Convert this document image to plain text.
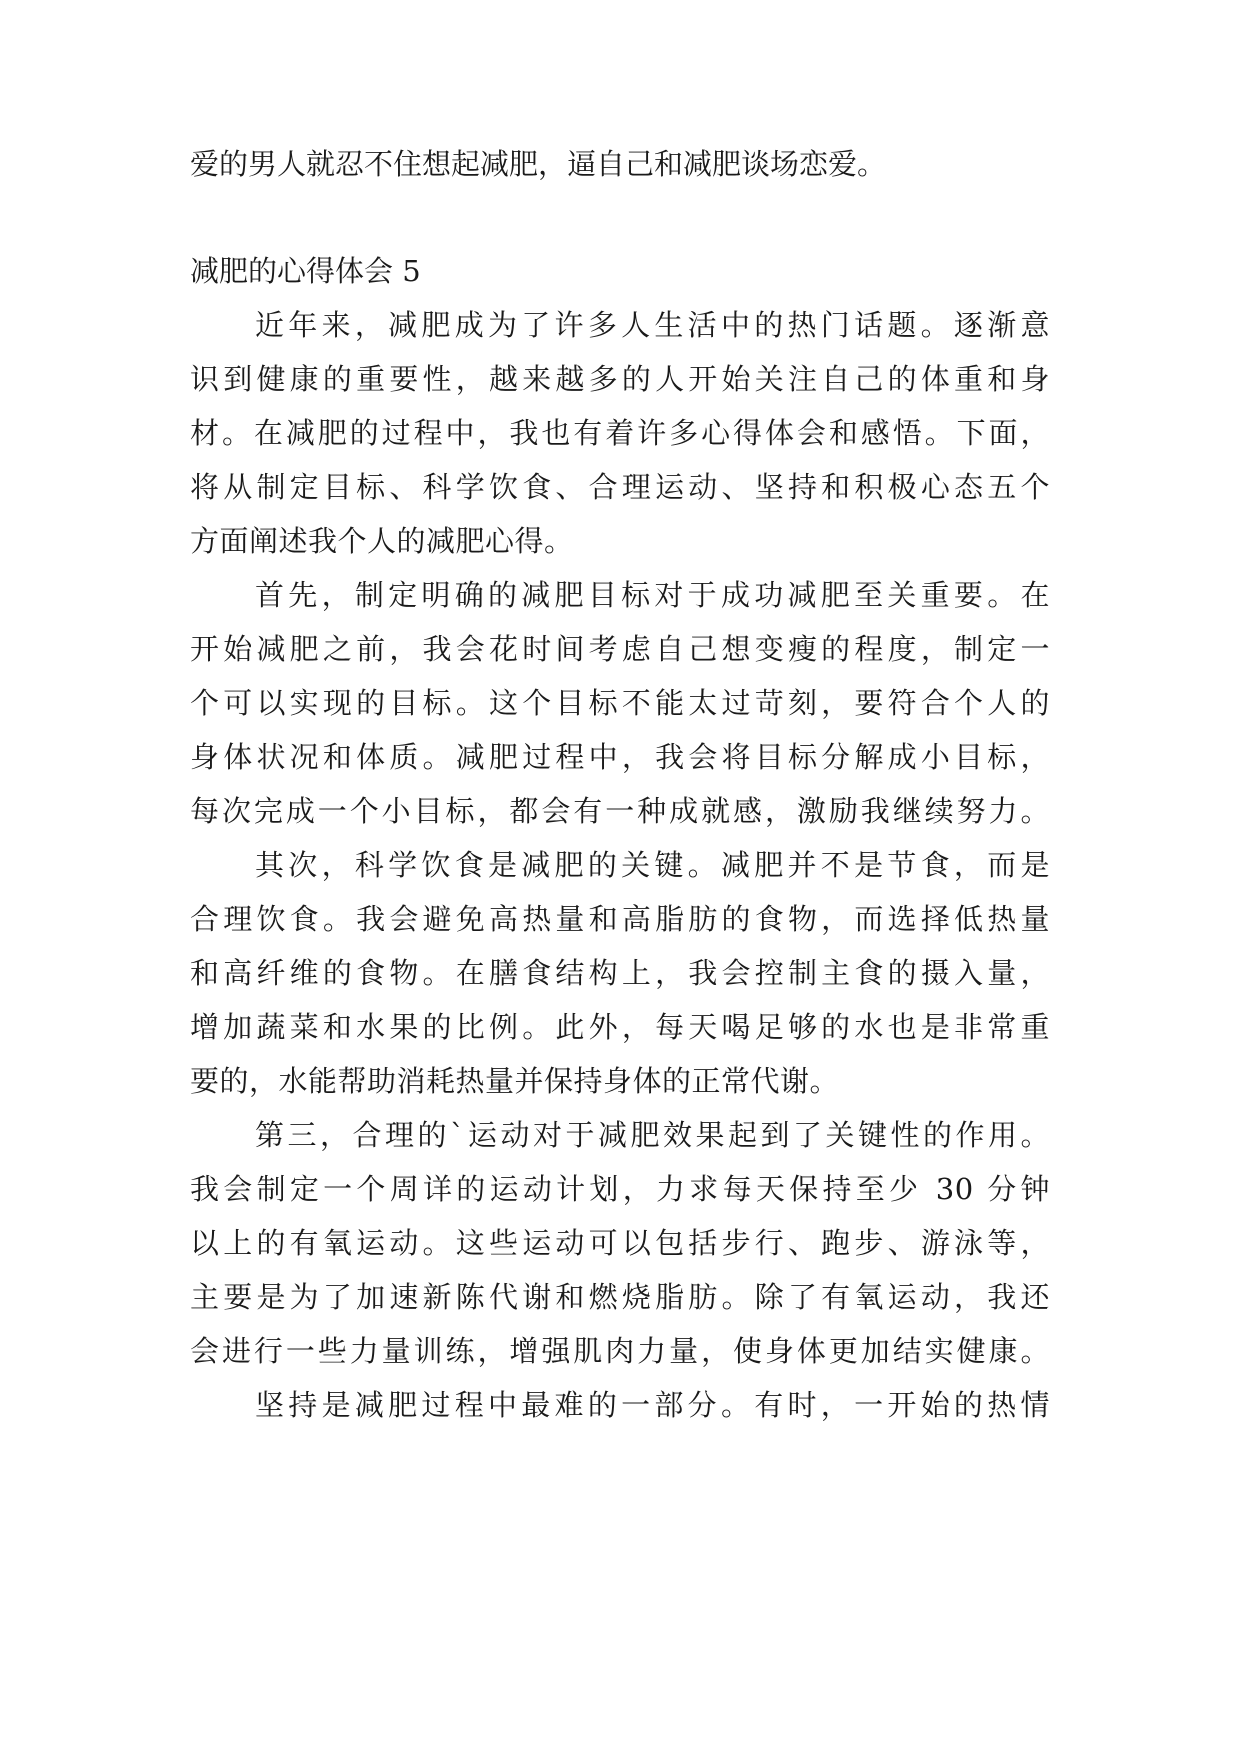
爱的男人就忍不住想起减肥，逼自己和减肥谈场恋爱。
减肥的心得体会 5
近年来，减肥成为了许多人生活中的热门话题。逐渐意
识到健康的重要性，越来越多的人开始关注自己的体重和身
材。在减肥的过程中，我也有着许多心得体会和感悟。下面，
将从制定目标、科学饮食、合理运动、坚持和积极心态五个
方面阐述我个人的减肥心得。
首先，制定明确的减肥目标对于成功减肥至关重要。在
开始减肥之前，我会花时间考虑自己想变瘦的程度，制定一
个可以实现的目标。这个目标不能太过苛刻，要符合个人的
身体状况和体质。减肥过程中，我会将目标分解成小目标，
每次完成一个小目标，都会有一种成就感，激励我继续努力。
其次，科学饮食是减肥的关键。减肥并不是节食，而是
合理饮食。我会避免高热量和高脂肪的食物，而选择低热量
和高纤维的食物。在膳食结构上，我会控制主食的摄入量，
增加蔬菜和水果的比例。此外，每天喝足够的水也是非常重
要的，水能帮助消耗热量并保持身体的正常代谢。
第三，合理的`运动对于减肥效果起到了关键性的作用。
我会制定一个周详的运动计划，力求每天保持至少 30 分钟
以上的有氧运动。这些运动可以包括步行、跑步、游泳等，
主要是为了加速新陈代谢和燃烧脂肪。除了有氧运动，我还
会进行一些力量训练，增强肌肉力量，使身体更加结实健康。
坚持是减肥过程中最难的一部分。有时，一开始的热情
